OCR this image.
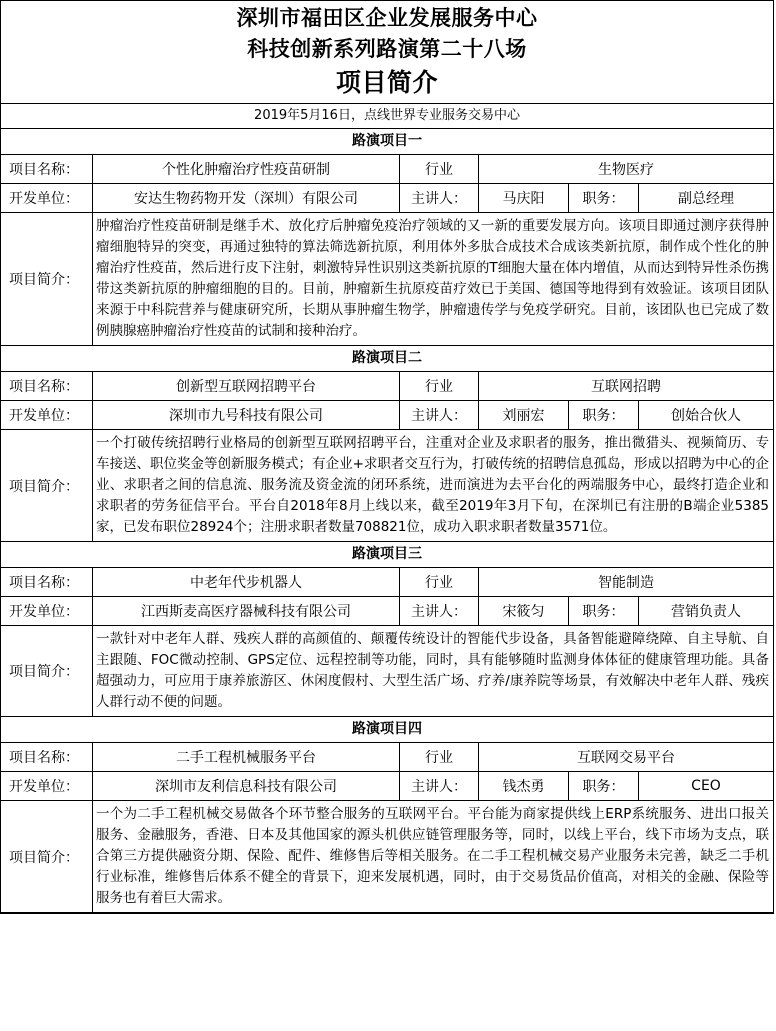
深圳市福田区企业发展服务中心
科技创新系列路演第二十八场
项目简介
2019年5月16日，点线世界专业服务交易中心
路演项目一
项目名称：	个性化肿瘤治疗性疫苗研制	行业	生物医疗
开发单位：	安达生物药物开发（深圳）有限公司	主讲人：	马庆阳	职务：	副总经理
项目简介：
肿瘤治疗性疫苗研制是继手术、放化疗后肿瘤免疫治疗领域的又一新的重要发展方向。该项目即通过测序获得肿瘤细胞特异的突变，再通过独特的算法筛选新抗原，利用体外多肽合成技术合成该类新抗原，制作成个性化的肿瘤治疗性疫苗，然后进行皮下注射，刺激特异性识别这类新抗原的T细胞大量在体内增值，从而达到特异性杀伤携带这类新抗原的肿瘤细胞的目的。目前，肿瘤新生抗原疫苗疗效已于美国、德国等地得到有效验证。该项目团队来源于中科院营养与健康研究所，长期从事肿瘤生物学，肿瘤遗传学与免疫学研究。目前，该团队也已完成了数例胰腺癌肿瘤治疗性疫苗的试制和接种治疗。
路演项目二
项目名称：	创新型互联网招聘平台	行业	互联网招聘
开发单位：	深圳市九号科技有限公司	主讲人：	刘丽宏	职务：	创始合伙人
项目简介：
一个打破传统招聘行业格局的创新型互联网招聘平台，注重对企业及求职者的服务，推出微猎头、视频简历、专车接送、职位奖金等创新服务模式；有企业+求职者交互行为，打破传统的招聘信息孤岛，形成以招聘为中心的企业、求职者之间的信息流、服务流及资金流的闭环系统，进而演进为去平台化的两端服务中心，最终打造企业和求职者的劳务征信平台。平台自2018年8月上线以来，截至2019年3月下旬，在深圳已有注册的B端企业5385家，已发布职位28924个；注册求职者数量708821位，成功入职求职者数量3571位。
路演项目三
项目名称：	中老年代步机器人	行业	智能制造
开发单位：	江西斯麦高医疗器械科技有限公司	主讲人：	宋筱匀	职务：	营销负责人
项目简介：
一款针对中老年人群、残疾人群的高颜值的、颠覆传统设计的智能代步设备，具备智能避障绕障、自主导航、自主跟随、FOC微动控制、GPS定位、远程控制等功能，同时，具有能够随时监测身体体征的健康管理功能。具备超强动力，可应用于康养旅游区、休闲度假村、大型生活广场、疗养/康养院等场景，有效解决中老年人群、残疾人群行动不便的问题。
路演项目四
项目名称：	二手工程机械服务平台	行业	互联网交易平台
开发单位：	深圳市友利信息科技有限公司	主讲人：	钱杰勇	职务：	CEO
项目简介：
一个为二手工程机械交易做各个环节整合服务的互联网平台。平台能为商家提供线上ERP系统服务、进出口报关服务、金融服务，香港、日本及其他国家的源头机供应链管理服务等，同时，以线上平台，线下市场为支点，联合第三方提供融资分期、保险、配件、维修售后等相关服务。在二手工程机械交易产业服务未完善，缺乏二手机行业标准，维修售后体系不健全的背景下，迎来发展机遇，同时，由于交易货品价值高，对相关的金融、保险等服务也有着巨大需求。
